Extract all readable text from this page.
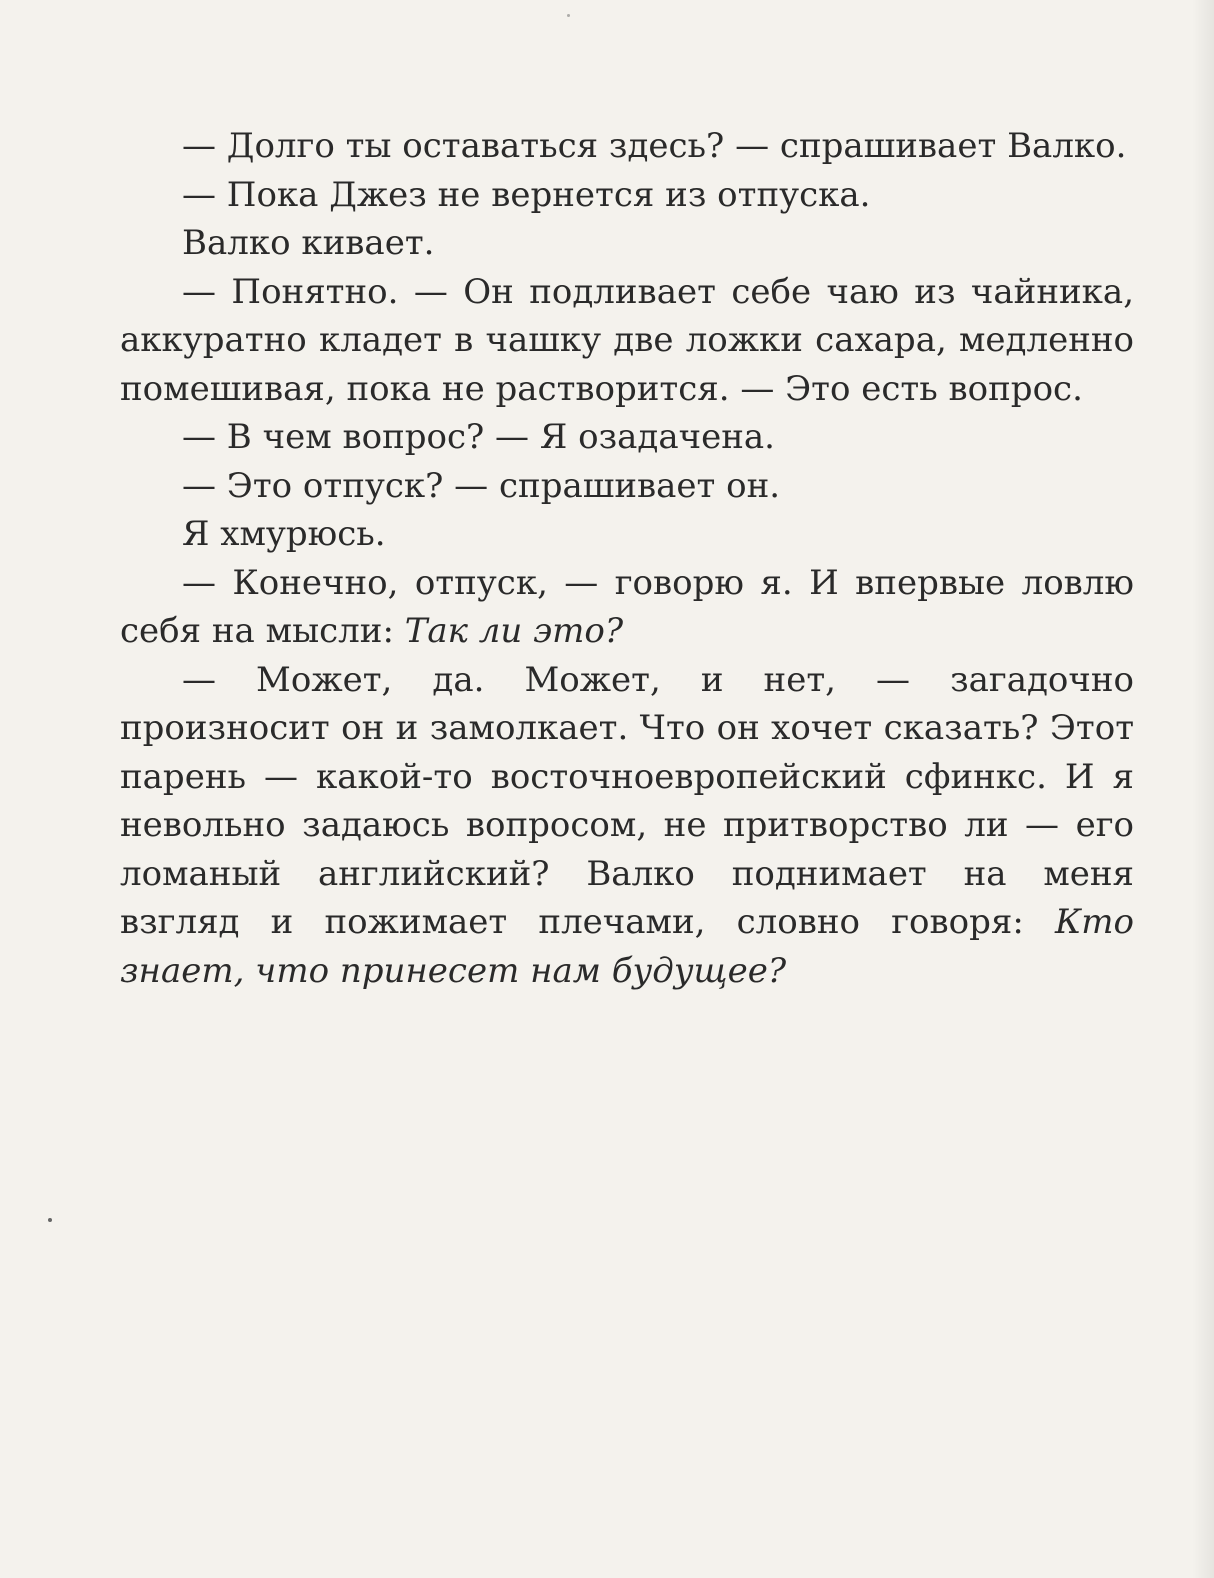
— Долго ты оставаться здесь? — спрашивает Валко.

— Пока Джез не вернется из отпуска.

Валко кивает.

— Понятно. — Он подливает себе чаю из чайника, аккуратно кладет в чашку две ложки сахара, медленно помешивая, пока не растворится. — Это есть вопрос.

— В чем вопрос? — Я озадачена.

— Это отпуск? — спрашивает он.

Я хмурюсь.

— Конечно, отпуск, — говорю я. И впервые ловлю себя на мысли: Так ли это?

— Может, да. Может, и нет, — загадочно произносит он и замолкает. Что он хочет сказать? Этот парень — какой-то восточноевропейский сфинкс. И я невольно задаюсь вопросом, не притворство ли — его ломаный английский? Валко поднимает на меня взгляд и пожимает плечами, словно говоря: Кто знает, что принесет нам будущее?
